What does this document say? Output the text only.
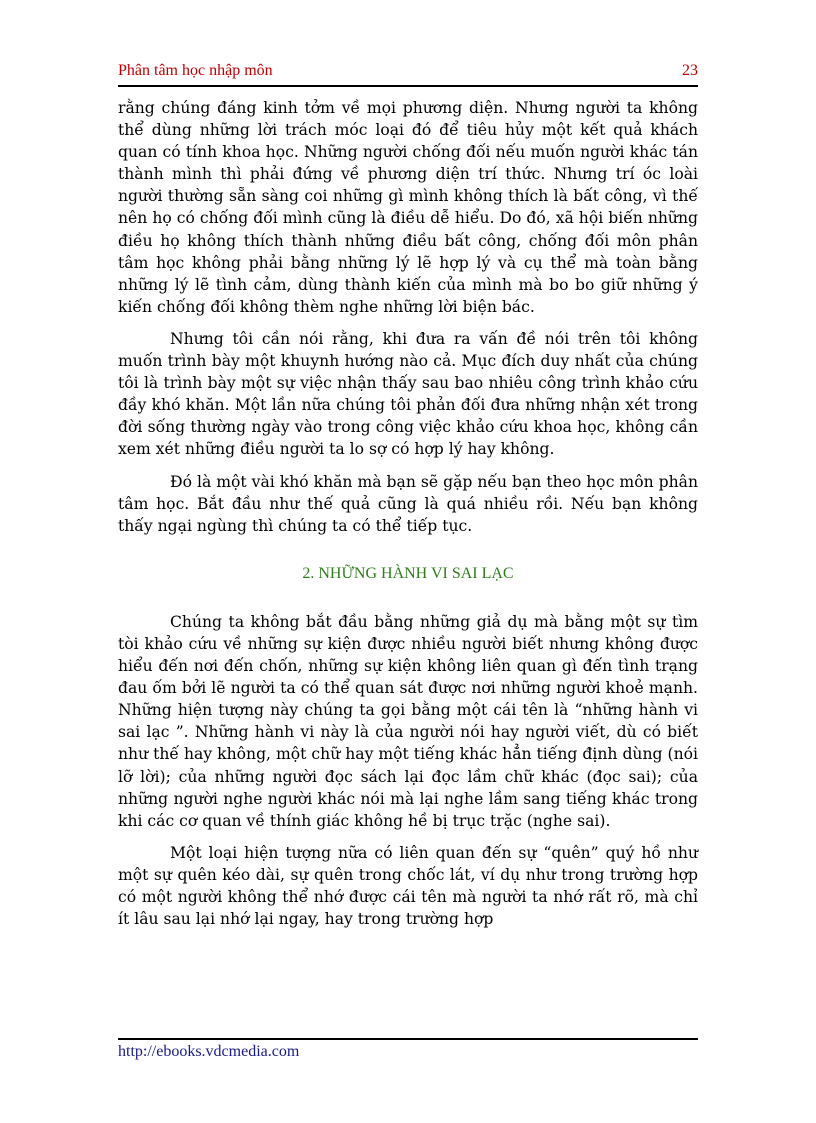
Phân tâm học nhập môn	23

rằng chúng đáng kinh tởm về mọi phương diện. Nhưng người ta không thể dùng những lời trách móc loại đó để tiêu hủy một kết quả khách quan có tính khoa học. Những người chống đối nếu muốn người khác tán thành mình thì phải đứng về phương diện trí thức. Nhưng trí óc loài người thường sẵn sàng coi những gì mình không thích là bất công, vì thế nên họ có chống đối mình cũng là điều dễ hiểu. Do đó, xã hội biến những điều họ không thích thành những điều bất công, chống đối môn phân tâm học không phải bằng những lý lẽ hợp lý và cụ thể mà toàn bằng những lý lẽ tình cảm, dùng thành kiến của mình mà bo bo giữ những ý kiến chống đối không thèm nghe những lời biện bác.

Nhưng tôi cần nói rằng, khi đưa ra vấn đề nói trên tôi không muốn trình bày một khuynh hướng nào cả. Mục đích duy nhất của chúng tôi là trình bày một sự việc nhận thấy sau bao nhiêu công trình khảo cứu đầy khó khăn. Một lần nữa chúng tôi phản đối đưa những nhận xét trong đời sống thường ngày vào trong công việc khảo cứu khoa học, không cần xem xét những điều người ta lo sợ có hợp lý hay không.

Đó là một vài khó khăn mà bạn sẽ gặp nếu bạn theo học môn phân tâm học. Bắt đầu như thế quả cũng là quá nhiều rồi. Nếu bạn không thấy ngại ngùng thì chúng ta có thể tiếp tục.

2. NHỮNG HÀNH VI SAI LẠC

Chúng ta không bắt đầu bằng những giả dụ mà bằng một sự tìm tòi khảo cứu về những sự kiện được nhiều người biết nhưng không được hiểu đến nơi đến chốn, những sự kiện không liên quan gì đến tình trạng đau ốm bởi lẽ người ta có thể quan sát được nơi những người khoẻ mạnh. Những hiện tượng này chúng ta gọi bằng một cái tên là “những hành vi sai lạc ”. Những hành vi này là của người nói hay người viết, dù có biết như thế hay không, một chữ hay một tiếng khác hẳn tiếng định dùng (nói lỡ lời); của những người đọc sách lại đọc lầm chữ khác (đọc sai); của những người nghe người khác nói mà lại nghe lầm sang tiếng khác trong khi các cơ quan về thính giác không hề bị trục trặc (nghe sai).

Một loại hiện tượng nữa có liên quan đến sự “quên” quý hồ như một sự quên kéo dài, sự quên trong chốc lát, ví dụ như trong trường hợp có một người không thể nhớ được cái tên mà người ta nhớ rất rõ, mà chỉ ít lâu sau lại nhớ lại ngay, hay trong trường hợp

http://ebooks.vdcmedia.com
